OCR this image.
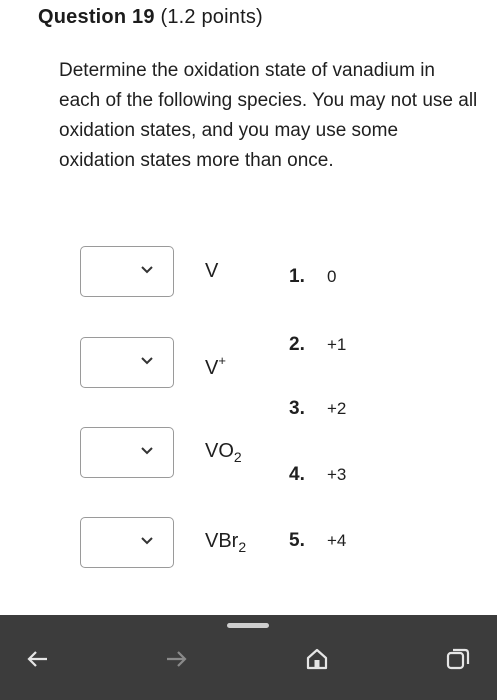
Question 19 (1.2 points)
Determine the oxidation state of vanadium in each of the following species. You may not use all oxidation states, and you may use some oxidation states more than once.
V
V+
$VO_2$
VBr$_2$
1. 0
2. +1
3. +2
4. +3
5. +4
